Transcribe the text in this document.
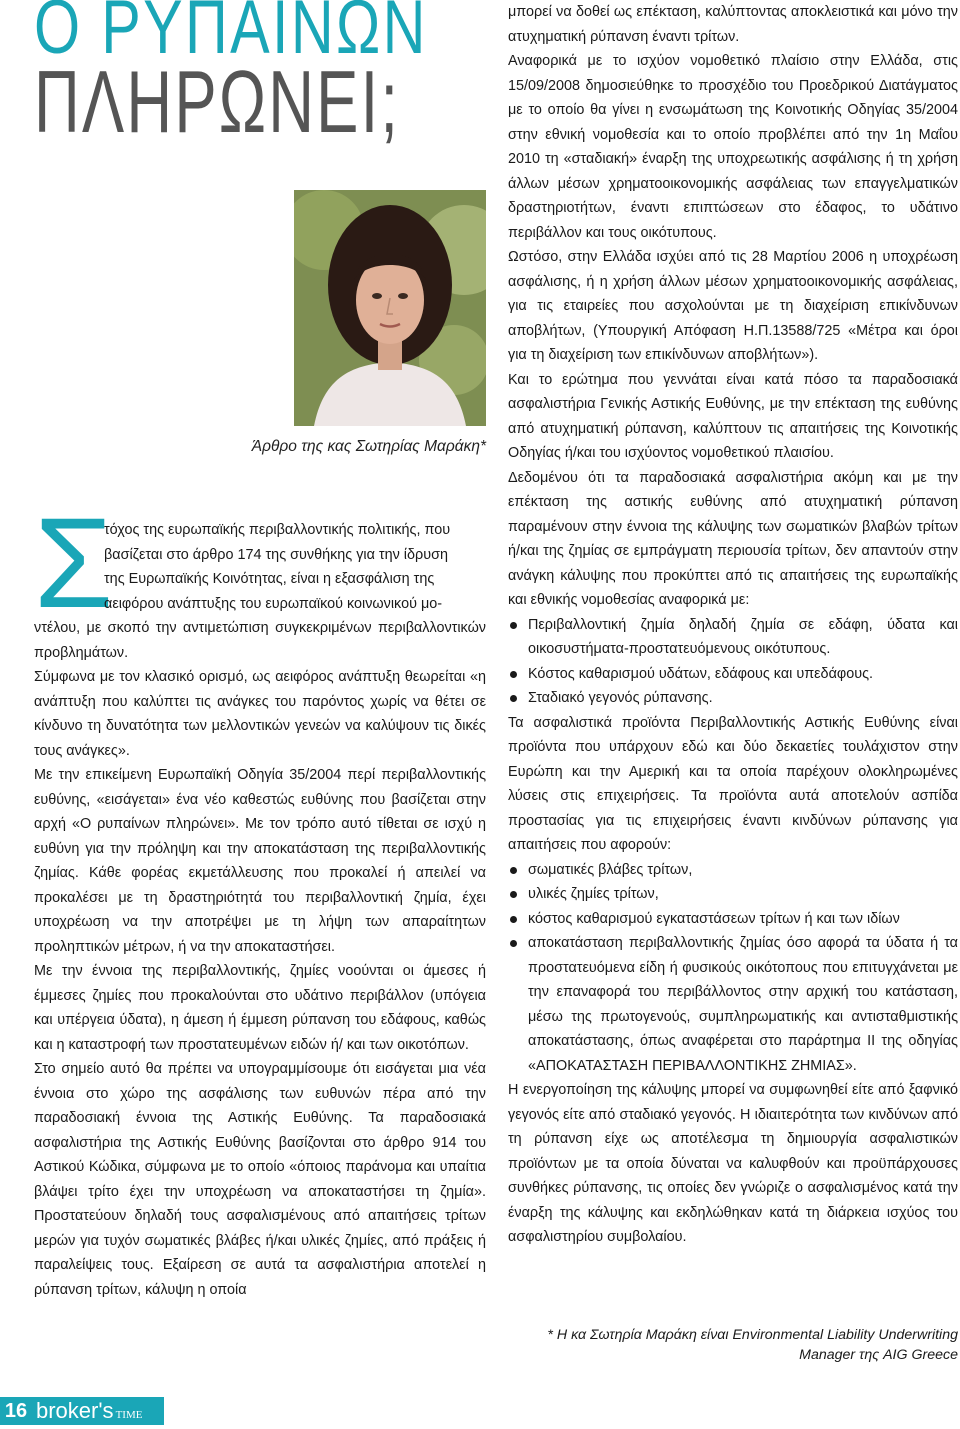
Ο ΡΥΠΑΙΝΩΝ
ΠΛΗΡΩΝΕΙ;

Άρθρο της κας Σωτηρίας Μαράκη*

Σ

τόχος της ευρωπαϊκής περιβαλλοντικής πολιτικής, που

βασίζεται στο άρθρο 174 της συνθήκης για την ίδρυση

της Ευρωπαϊκής Κοινότητας, είναι η εξασφάλιση της

αειφόρου ανάπτυξης του ευρωπαϊκού κοινωνικού μο-

ντέλου, με σκοπό την αντιμετώπιση συγκεκριμένων περιβαλλοντικών προβλημάτων.

Σύμφωνα με τον κλασικό ορισμό, ως αειφόρος ανάπτυξη θεωρείται «η ανάπτυξη που καλύπτει τις ανάγκες του παρόντος χωρίς να θέτει σε κίνδυνο τη δυνατότητα των μελλοντικών γενεών να καλύψουν τις δικές τους ανάγκες».

Με την επικείμενη Ευρωπαϊκή Οδηγία 35/2004 περί περιβαλλοντικής ευθύνης, «εισάγεται» ένα νέο καθεστώς ευθύνης που βασίζεται στην αρχή «Ο ρυπαίνων πληρώνει». Με τον τρόπο αυτό τίθεται σε ισχύ η ευθύνη για την πρόληψη και την αποκατάσταση της περιβαλλοντικής ζημίας. Κάθε φορέας εκμετάλλευσης που προκαλεί ή απειλεί να προκαλέσει με τη δραστηριότητά του περιβαλλοντική ζημία, έχει υποχρέωση να την αποτρέψει με τη λήψη των απαραίτητων προληπτικών μέτρων, ή να την αποκαταστήσει.

Με την έννοια της περιβαλλοντικής, ζημίες νοούνται οι άμεσες ή έμμεσες ζημίες που προκαλούνται στο υδάτινο περιβάλλον (υπόγεια και υπέργεια ύδατα), η άμεση ή έμμεση ρύπανση του εδάφους, καθώς και η καταστροφή των προστατευμένων ειδών ή/ και των οικοτόπων.

Στο σημείο αυτό θα πρέπει να υπογραμμίσουμε ότι εισάγεται μια νέα έννοια στο χώρο της ασφάλισης των ευθυνών πέρα από την παραδοσιακή έννοια της Αστικής Ευθύνης. Τα παραδοσιακά ασφαλιστήρια της Αστικής Ευθύνης βασίζονται στο άρθρο 914 του Αστικού Κώδικα, σύμφωνα με το οποίο «όποιος παράνομα και υπαίτια βλάψει τρίτο έχει την υποχρέωση να αποκαταστήσει τη ζημία». Προστατεύουν δηλαδή τους ασφαλισμένους από απαιτήσεις τρίτων μερών για τυχόν σωματικές βλάβες ή/και υλικές ζημίες, από πράξεις ή παραλείψεις τους. Εξαίρεση σε αυτά τα ασφαλιστήρια αποτελεί η ρύπανση τρίτων, κάλυψη η οποία

μπορεί να δοθεί ως επέκταση, καλύπτοντας αποκλειστικά και μόνο την ατυχηματική ρύπανση έναντι τρίτων.

Αναφορικά με το ισχύον νομοθετικό πλαίσιο στην Ελλάδα, στις 15/09/2008 δημοσιεύθηκε το προσχέδιο του Προεδρικού Διατάγματος με το οποίο θα γίνει η ενσωμάτωση της Κοινοτικής Οδηγίας 35/2004 στην εθνική νομοθεσία και το οποίο προβλέπει από την 1η Μαΐου 2010 τη «σταδιακή» έναρξη της υποχρεωτικής ασφάλισης ή τη χρήση άλλων μέσων χρηματοοικονομικής ασφάλειας των επαγγελματικών δραστηριοτήτων, έναντι επιπτώσεων στο έδαφος, το υδάτινο περιβάλλον και τους οικότυπους.

Ωστόσο, στην Ελλάδα ισχύει από τις 28 Μαρτίου 2006 η υποχρέωση ασφάλισης, ή η χρήση άλλων μέσων χρηματοοικονομικής ασφάλειας, για τις εταιρείες που ασχολούνται με τη διαχείριση επικίνδυνων αποβλήτων, (Υπουργική Απόφαση Η.Π.13588/725 «Μέτρα και όροι για τη διαχείριση των επικίνδυνων αποβλήτων»).

Και το ερώτημα που γεννάται είναι κατά πόσο τα παραδοσιακά ασφαλιστήρια Γενικής Αστικής Ευθύνης, με την επέκταση της ευθύνης από ατυχηματική ρύπανση, καλύπτουν τις απαιτήσεις της Κοινοτικής Οδηγίας ή/και του ισχύοντος νομοθετικού πλαισίου.

Δεδομένου ότι τα παραδοσιακά ασφαλιστήρια ακόμη και με την επέκταση της αστικής ευθύνης από ατυχηματική ρύπανση παραμένουν στην έννοια της κάλυψης των σωματικών βλαβών τρίτων ή/και της ζημίας σε εμπράγματη περιουσία τρίτων, δεν απαντούν στην ανάγκη κάλυψης που προκύπτει από τις απαιτήσεις της ευρωπαϊκής και εθνικής νομοθεσίας αναφορικά με:

Περιβαλλοντική ζημία δηλαδή ζημία σε εδάφη, ύδατα και οικοσυστήματα-προστατευόμενους οικότυπους.
Κόστος καθαρισμού υδάτων, εδάφους και υπεδάφους.
Σταδιακό γεγονός ρύπανσης.

Τα ασφαλιστικά προϊόντα Περιβαλλοντικής Αστικής Ευθύνης είναι προϊόντα που υπάρχουν εδώ και δύο δεκαετίες τουλάχιστον στην Ευρώπη και την Αμερική και τα οποία παρέχουν ολοκληρωμένες λύσεις στις επιχειρήσεις. Τα προϊόντα αυτά αποτελούν ασπίδα προστασίας για τις επιχειρήσεις έναντι κινδύνων ρύπανσης για απαιτήσεις που αφορούν:

σωματικές βλάβες τρίτων,
υλικές ζημίες τρίτων,
κόστος καθαρισμού εγκαταστάσεων τρίτων ή και των ιδίων
αποκατάσταση περιβαλλοντικής ζημίας όσο αφορά τα ύδατα ή τα προστατευόμενα είδη ή φυσικούς οικότοπους που επιτυγχάνεται με την επαναφορά του περιβάλλοντος στην αρχική του κατάσταση, μέσω της πρωτογενούς, συμπληρωματικής και αντισταθμιστικής αποκατάστασης, όπως αναφέρεται στο παράρτημα ΙΙ της οδηγίας «ΑΠΟΚΑΤΑΣΤΑΣΗ ΠΕΡΙΒΑΛΛΟΝΤΙΚΗΣ ΖΗΜΙΑΣ».

Η ενεργοποίηση της κάλυψης μπορεί να συμφωνηθεί είτε από ξαφνικό γεγονός είτε από σταδιακό γεγονός. Η ιδιαιτερότητα των κινδύνων από τη ρύπανση είχε ως αποτέλεσμα τη δημιουργία ασφαλιστικών προϊόντων με τα οποία δύναται να καλυφθούν και προϋπάρχουσες συνθήκες ρύπανσης, τις οποίες δεν γνώριζε ο ασφαλισμένος κατά την έναρξη της κάλυψης και εκδηλώθηκαν κατά τη διάρκεια ισχύος του ασφαλιστηρίου συμβολαίου.

* Η κα Σωτηρία Μαράκη είναι Environmental Liability Underwriting
Manager της AIG Greece
16 broker's TIME
